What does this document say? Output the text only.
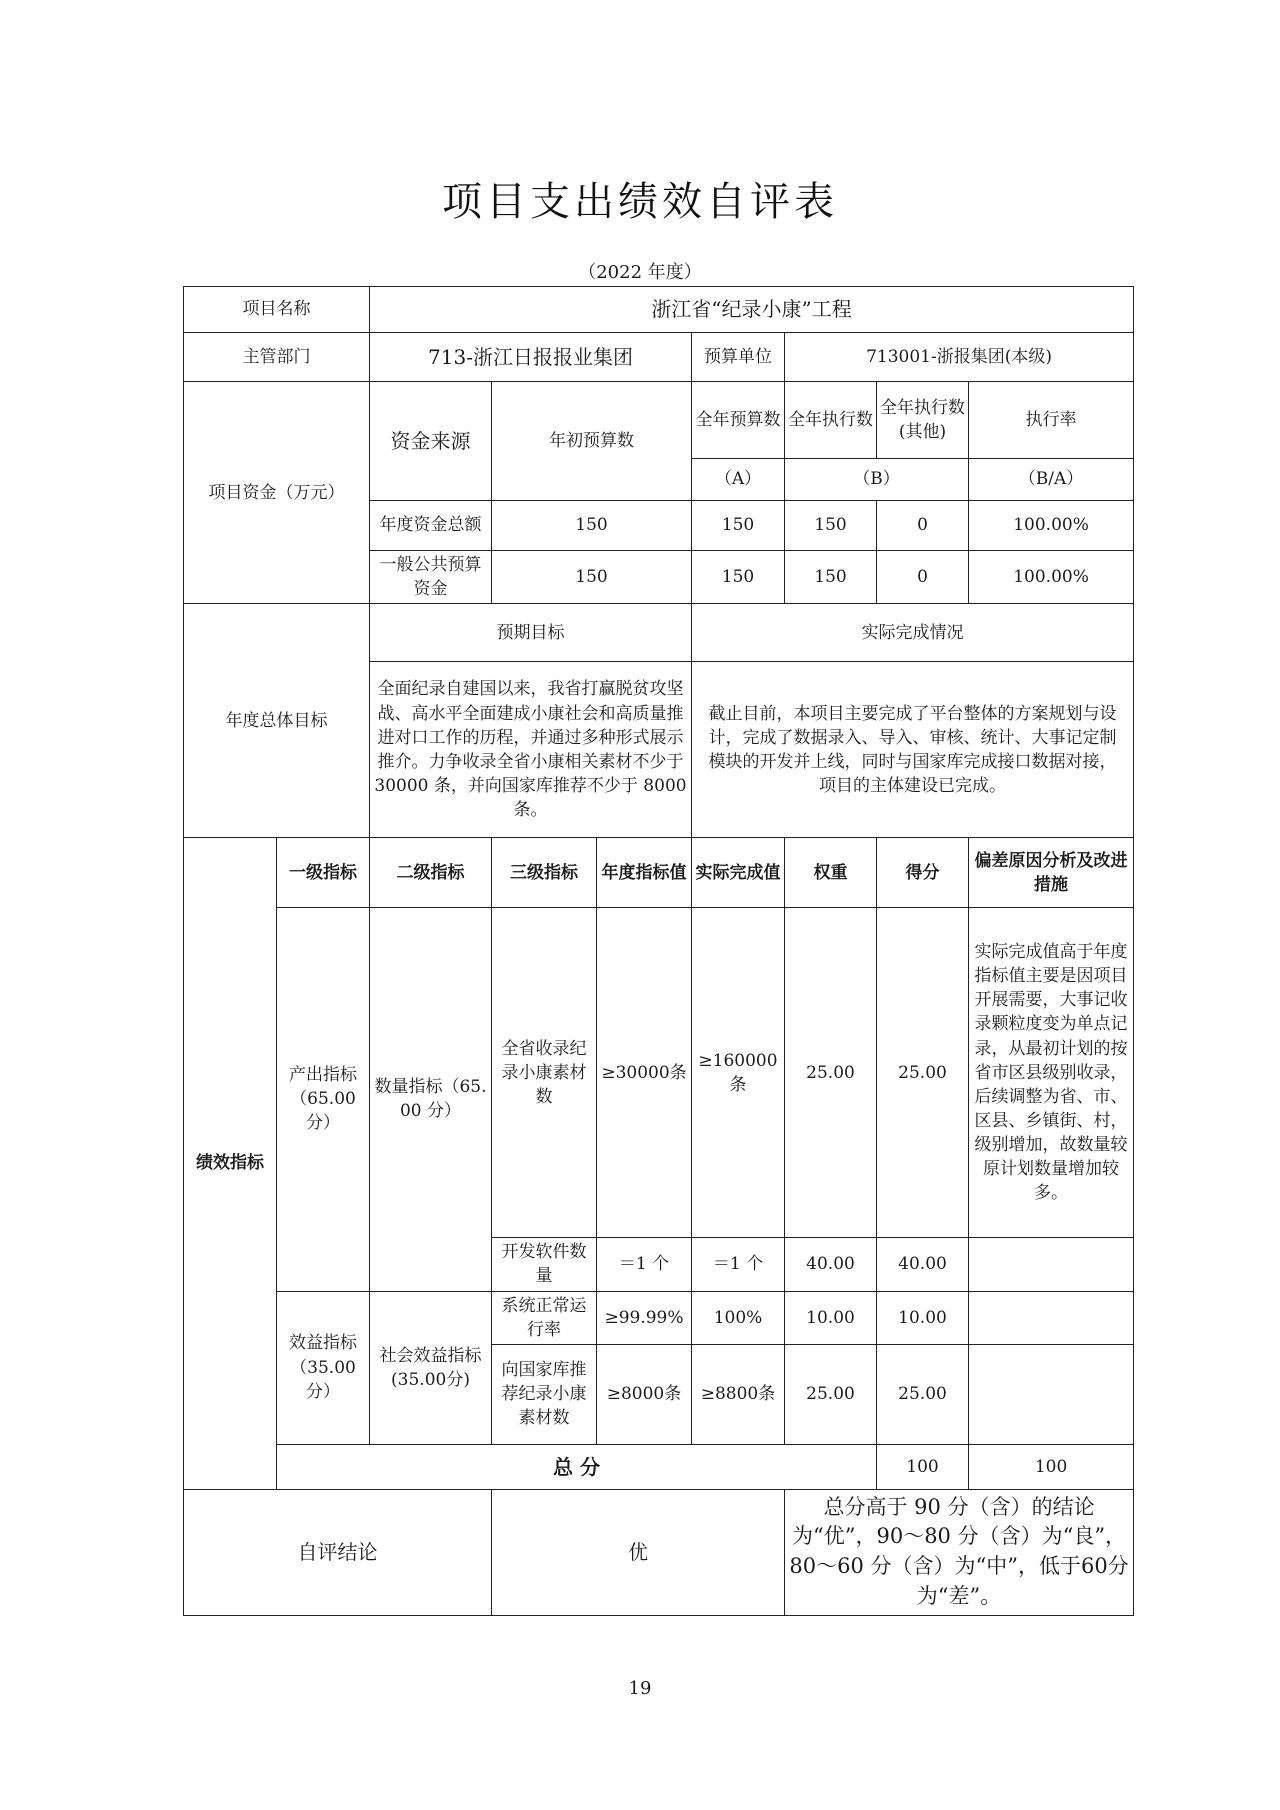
项目支出绩效自评表
（2022 年度）
项目名称		浙江省“纪录小康”工程							
主管部门		713-浙江日报报业集团			预算单位	713001-浙报集团(本级)			
项目资金（万元）		资金来源	年初预算数		全年预算数	全年执行数	全年执行数(其他)	执行率	
					（A）	（B）		（B/A）	
		年度资金总额	150		150	150	0	100.00%	
		一般公共预算资金	150		150	150	0	100.00%	
年度总体目标		预期目标			实际完成情况				
		全面纪录自建国以来，我省打赢脱贫攻坚战、高水平全面建成小康社会和高质量推进对口工作的历程，并通过多种形式展示推介。力争收录全省小康相关素材不少于 30000 条，并向国家库推荐不少于 8000 条。			截止目前，本项目主要完成了平台整体的方案规划与设计，完成了数据录入、导入、审核、统计、大事记定制模块的开发并上线，同时与国家库完成接口数据对接，项目的主体建设已完成。				
绩效指标	一级指标	二级指标	三级指标	年度指标值	实际完成值	权重	得分	偏差原因分析及改进措施	
	产出指标（65.00分）	数量指标（65.00 分）	全省收录纪录小康素材数	≥30000条	≥160000条	25.00	25.00	实际完成值高于年度指标值主要是因项目开展需要，大事记收录颗粒度变为单点记录，从最初计划的按省市区县级别收录，后续调整为省、市、区县、乡镇街、村，级别增加，故数量较原计划数量增加较多。	
			开发软件数量	＝1 个	＝1 个	40.00	40.00		
	效益指标（35.00分）	社会效益指标(35.00分)	系统正常运行率	≥99.99%	100%	10.00	10.00		
			向国家库推荐纪录小康素材数	≥8000条	≥8800条	25.00	25.00		
	总 分						100	100	
自评结论			优			总分高于 90 分（含）的结论为“优”，90～80 分（含）为“良”，80～60 分（含）为“中”，低于60分为“差”。			
19
